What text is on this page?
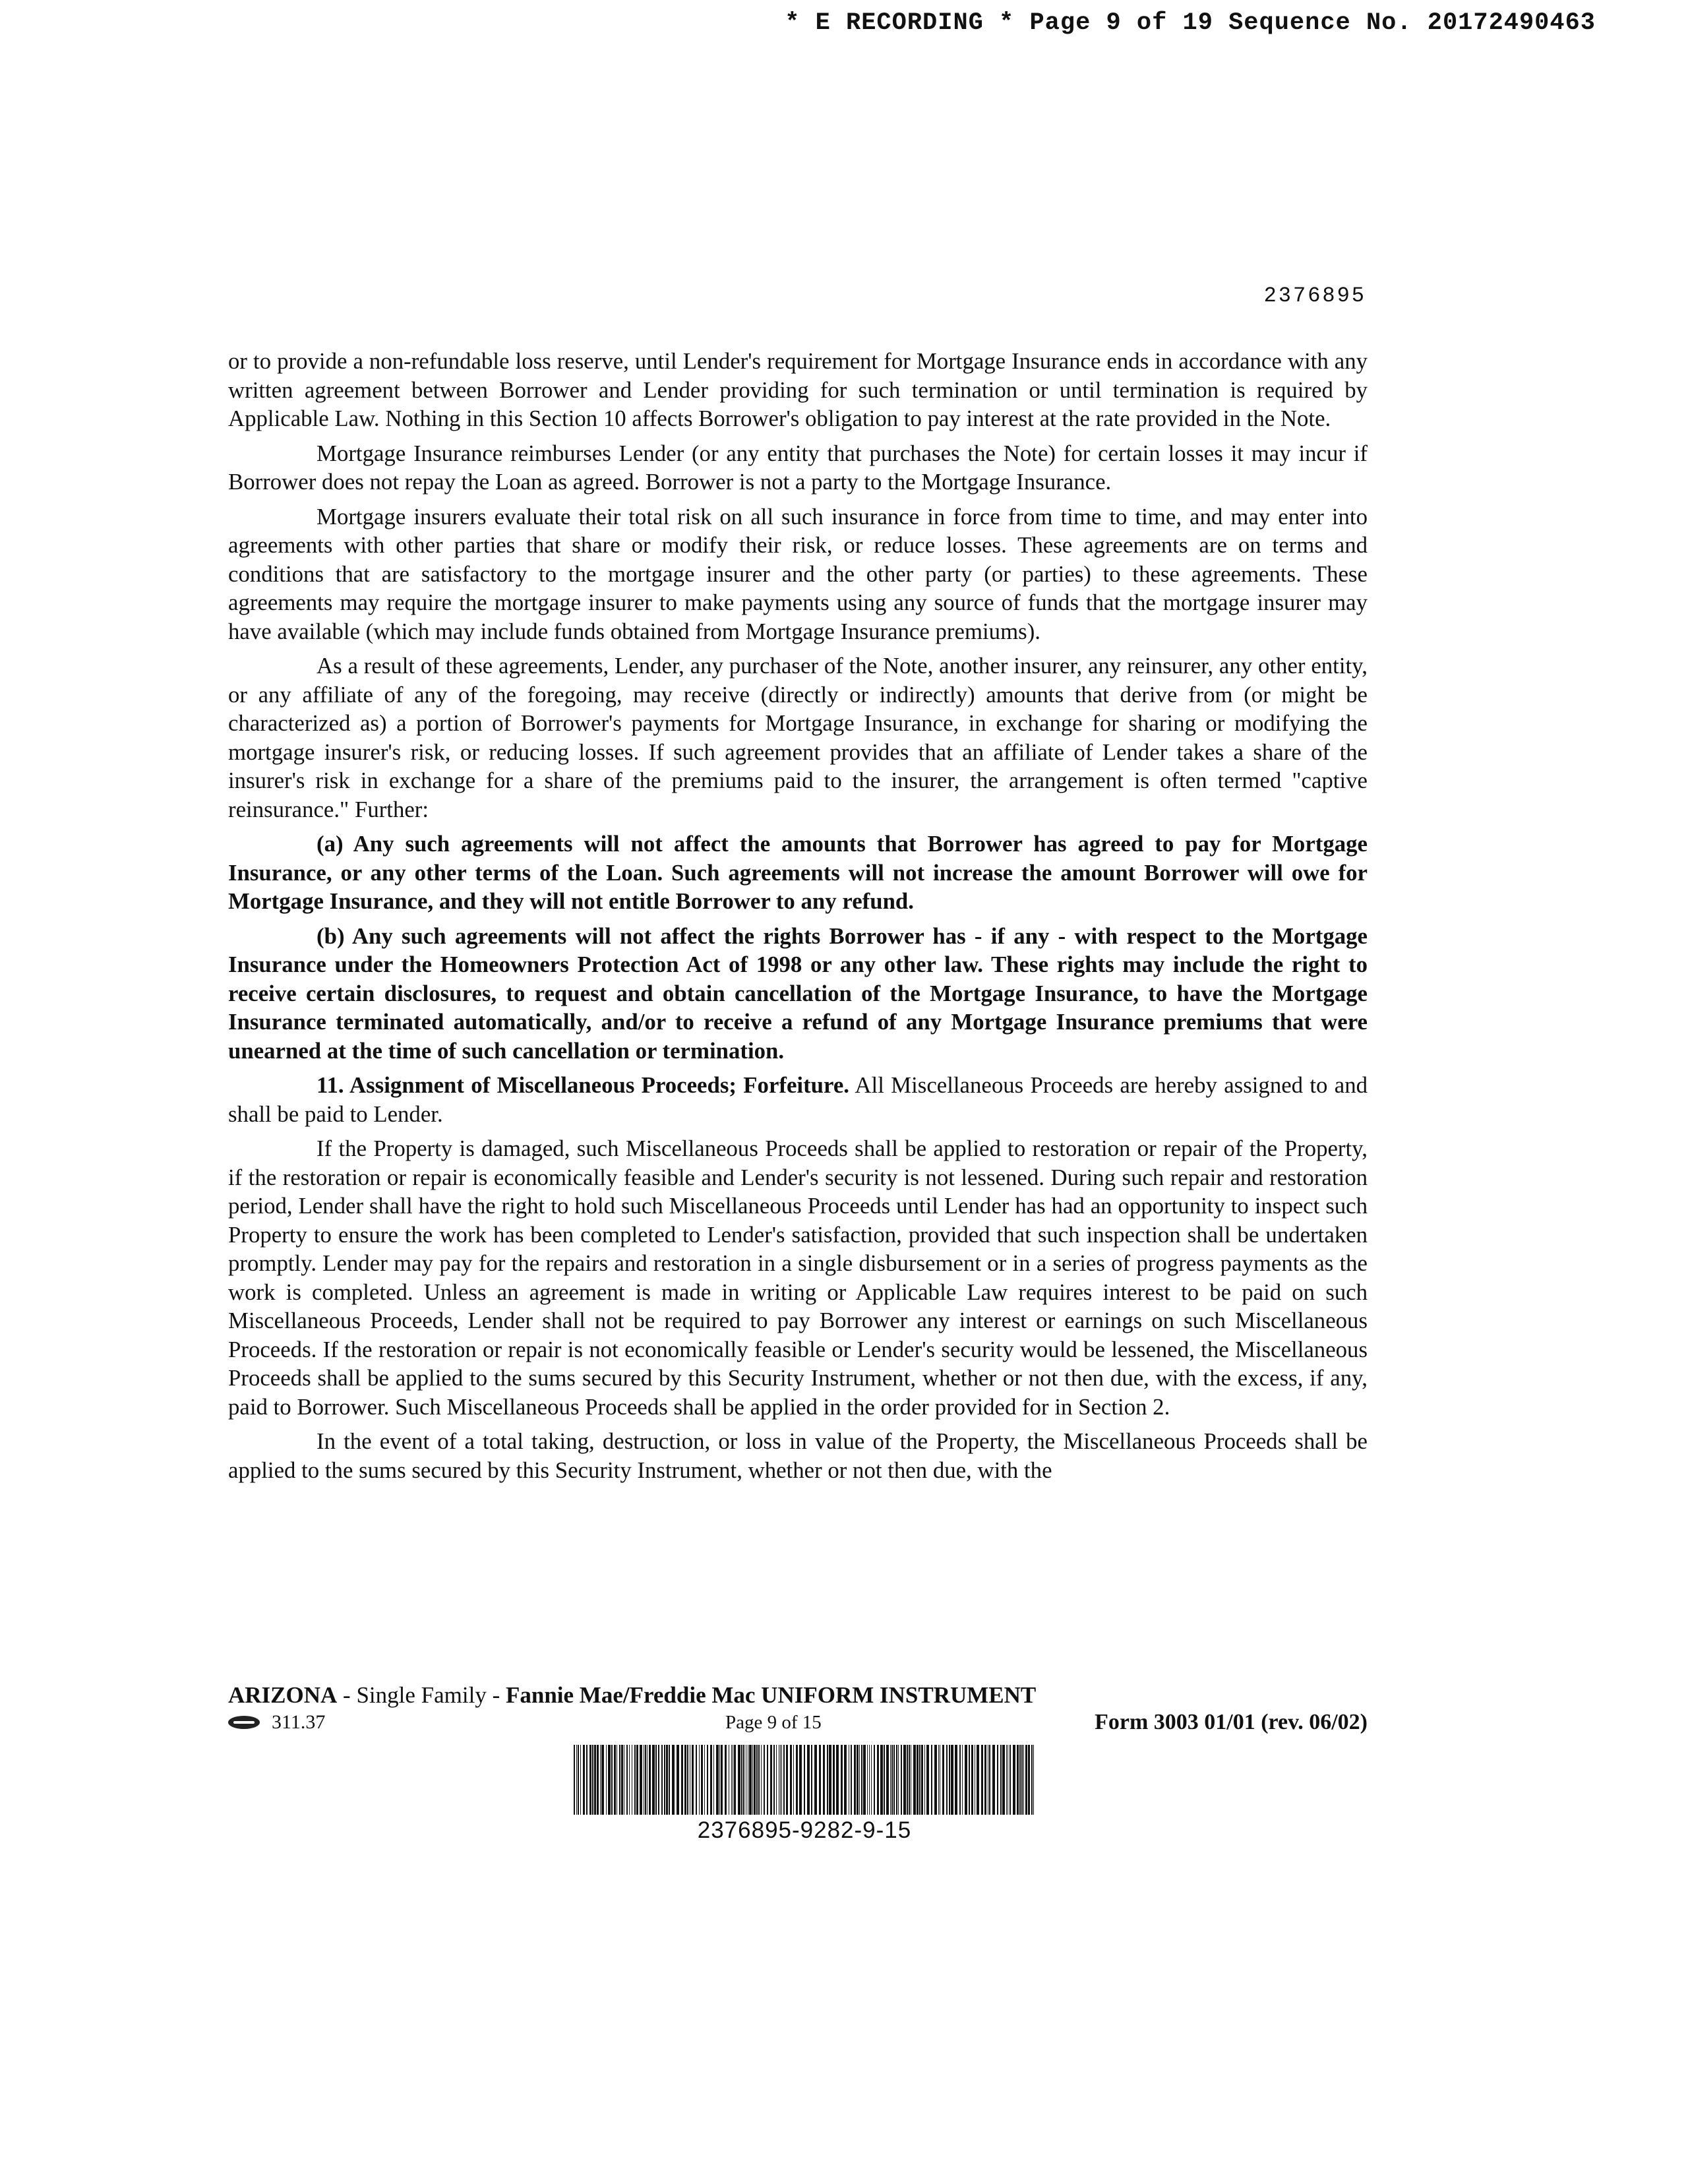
* E RECORDING * Page 9 of 19 Sequence No. 20172490463
2376895

or to provide a non-refundable loss reserve, until Lender's requirement for Mortgage Insurance ends in accordance with any written agreement between Borrower and Lender providing for such termination or until termination is required by Applicable Law. Nothing in this Section 10 affects Borrower's obligation to pay interest at the rate provided in the Note.

Mortgage Insurance reimburses Lender (or any entity that purchases the Note) for certain losses it may incur if Borrower does not repay the Loan as agreed. Borrower is not a party to the Mortgage Insurance.

Mortgage insurers evaluate their total risk on all such insurance in force from time to time, and may enter into agreements with other parties that share or modify their risk, or reduce losses. These agreements are on terms and conditions that are satisfactory to the mortgage insurer and the other party (or parties) to these agreements. These agreements may require the mortgage insurer to make payments using any source of funds that the mortgage insurer may have available (which may include funds obtained from Mortgage Insurance premiums).

As a result of these agreements, Lender, any purchaser of the Note, another insurer, any reinsurer, any other entity, or any affiliate of any of the foregoing, may receive (directly or indirectly) amounts that derive from (or might be characterized as) a portion of Borrower's payments for Mortgage Insurance, in exchange for sharing or modifying the mortgage insurer's risk, or reducing losses. If such agreement provides that an affiliate of Lender takes a share of the insurer's risk in exchange for a share of the premiums paid to the insurer, the arrangement is often termed "captive reinsurance." Further:

(a) Any such agreements will not affect the amounts that Borrower has agreed to pay for Mortgage Insurance, or any other terms of the Loan. Such agreements will not increase the amount Borrower will owe for Mortgage Insurance, and they will not entitle Borrower to any refund.

(b) Any such agreements will not affect the rights Borrower has - if any - with respect to the Mortgage Insurance under the Homeowners Protection Act of 1998 or any other law. These rights may include the right to receive certain disclosures, to request and obtain cancellation of the Mortgage Insurance, to have the Mortgage Insurance terminated automatically, and/or to receive a refund of any Mortgage Insurance premiums that were unearned at the time of such cancellation or termination.

11. Assignment of Miscellaneous Proceeds; Forfeiture. All Miscellaneous Proceeds are hereby assigned to and shall be paid to Lender.

If the Property is damaged, such Miscellaneous Proceeds shall be applied to restoration or repair of the Property, if the restoration or repair is economically feasible and Lender's security is not lessened. During such repair and restoration period, Lender shall have the right to hold such Miscellaneous Proceeds until Lender has had an opportunity to inspect such Property to ensure the work has been completed to Lender's satisfaction, provided that such inspection shall be undertaken promptly. Lender may pay for the repairs and restoration in a single disbursement or in a series of progress payments as the work is completed. Unless an agreement is made in writing or Applicable Law requires interest to be paid on such Miscellaneous Proceeds, Lender shall not be required to pay Borrower any interest or earnings on such Miscellaneous Proceeds. If the restoration or repair is not economically feasible or Lender's security would be lessened, the Miscellaneous Proceeds shall be applied to the sums secured by this Security Instrument, whether or not then due, with the excess, if any, paid to Borrower. Such Miscellaneous Proceeds shall be applied in the order provided for in Section 2.

In the event of a total taking, destruction, or loss in value of the Property, the Miscellaneous Proceeds shall be applied to the sums secured by this Security Instrument, whether or not then due, with the

ARIZONA - Single Family - Fannie Mae/Freddie Mac UNIFORM INSTRUMENT
311.37	Page 9 of 15	Form 3003 01/01 (rev. 06/02)
2376895-9282-9-15
